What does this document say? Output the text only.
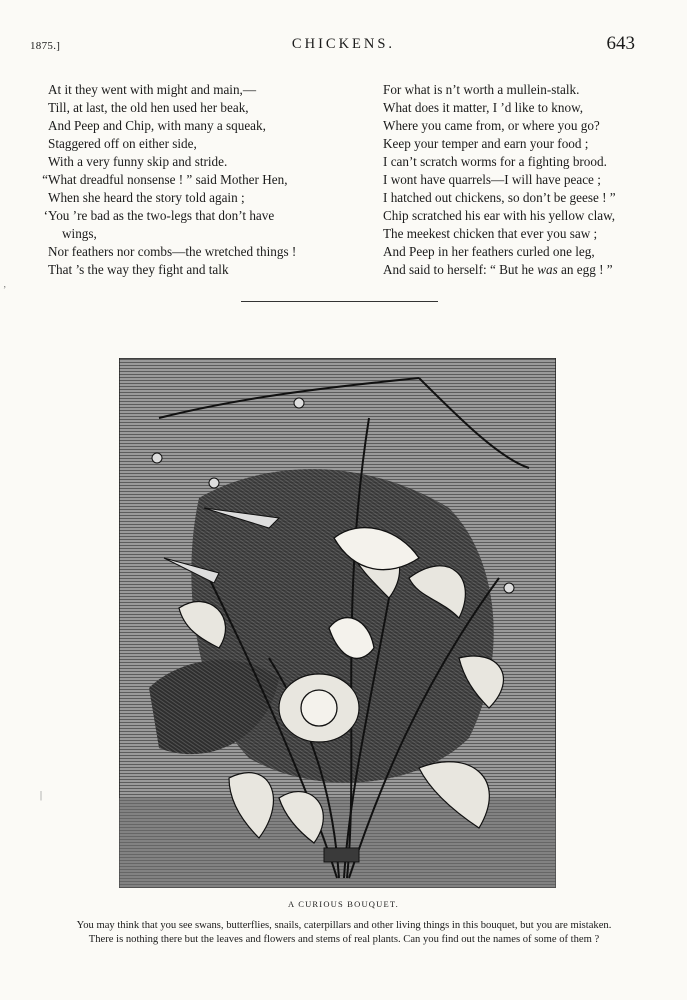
1875.]	CHICKENS.	643
At it they went with might and main,—
Till, at last, the old hen used her beak,
And Peep and Chip, with many a squeak,
Staggered off on either side,
With a very funny skip and stride.
“ What dreadful nonsense ! ” said Mother Hen,
When she heard the story told again ;
‘ You ’re bad as the two-legs that don’t have
wings,
Nor feathers nor combs—the wretched things !
That ’s the way they fight and talk
For what is n’t worth a mullein-stalk.
What does it matter, I ’d like to know,
Where you came from, or where you go?
Keep your temper and earn your food ;
I can’t scratch worms for a fighting brood.
I wont have quarrels—I will have peace ;
I hatched out chickens, so don’t be geese ! ”
Chip scratched his ear with his yellow claw,
The meekest chicken that ever you saw ;
And Peep in her feathers curled one leg,
And said to herself: “ But he was an egg ! ”
A CURIOUS BOUQUET.
You may think that you see swans, butterflies, snails, caterpillars and other living things in this bouquet, but you are mistaken.
There is nothing there but the leaves and flowers and stems of real plants. Can you find out the names of some of them ?
’
|
